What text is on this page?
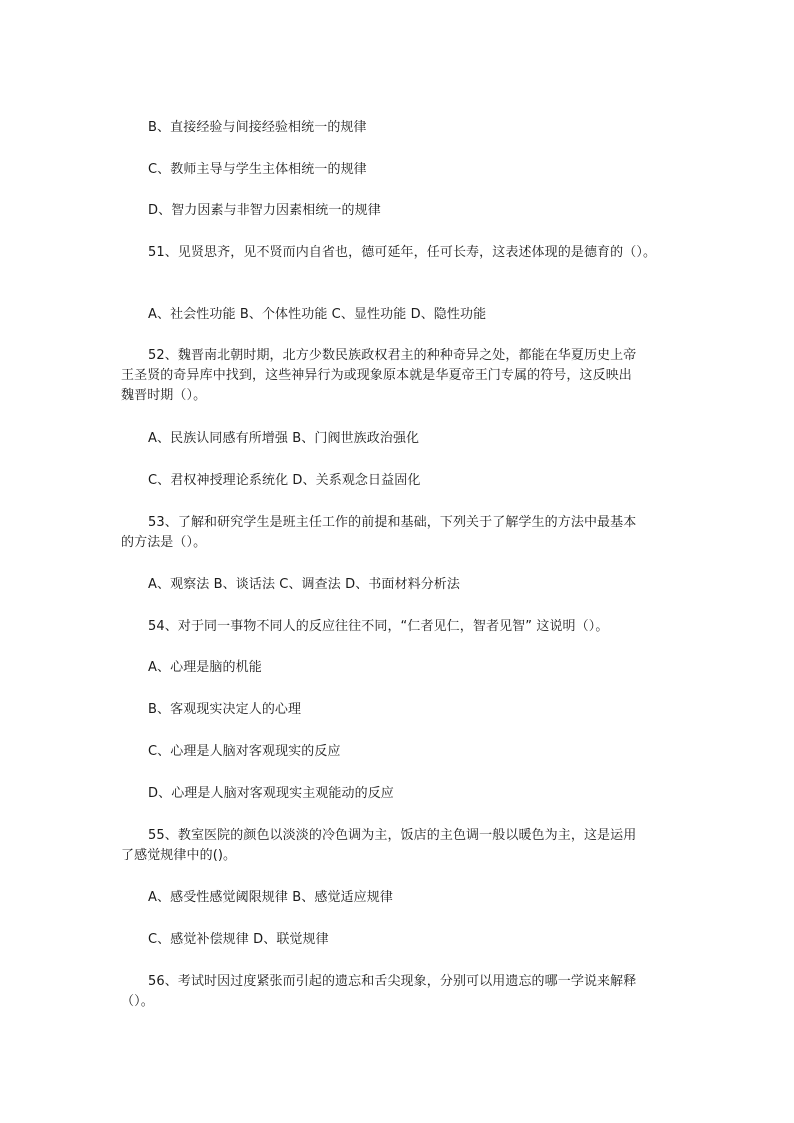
B、直接经验与间接经验相统一的规律
C、教师主导与学生主体相统一的规律
D、智力因素与非智力因素相统一的规律
51、见贤思齐，见不贤而内自省也，德可延年，任可长寿，这表述体现的是德育的（）。
A、社会性功能 B、个体性功能 C、显性功能 D、隐性功能
52、魏晋南北朝时期，北方少数民族政权君主的种种奇异之处，都能在华夏历史上帝
王圣贤的奇异库中找到，这些神异行为或现象原本就是华夏帝王门专属的符号，这反映出
魏晋时期（）。
A、民族认同感有所增强 B、门阀世族政治强化
C、君权神授理论系统化 D、关系观念日益固化
53、了解和研究学生是班主任工作的前提和基础，下列关于了解学生的方法中最基本
的方法是（）。
A、观察法 B、谈话法 C、调查法 D、书面材料分析法
54、对于同一事物不同人的反应往往不同，“仁者见仁，智者见智” 这说明（）。
A、心理是脑的机能
B、客观现实决定人的心理
C、心理是人脑对客观现实的反应
D、心理是人脑对客观现实主观能动的反应
55、教室医院的颜色以淡淡的冷色调为主，饭店的主色调一般以暖色为主，这是运用
了感觉规律中的()。
A、感受性感觉阈限规律 B、感觉适应规律
C、感觉补偿规律 D、联觉规律
56、考试时因过度紧张而引起的遗忘和舌尖现象，分别可以用遗忘的哪一学说来解释
（）。
